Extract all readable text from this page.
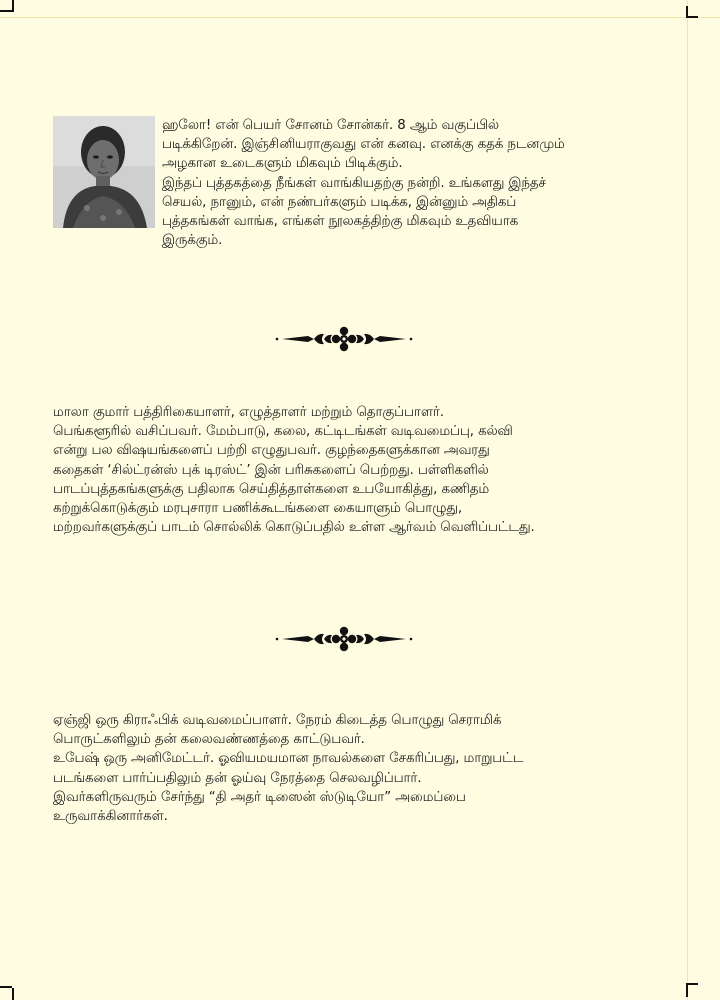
ஹலோ! என் பெயர் சோனம் சோன்கர். 8 ஆம் வகுப்பில்
படிக்கிறேன். இஞ்சினியராகுவது என் கனவு. எனக்கு கதக் நடனமும்
அழகான உடைகளும் மிகவும் பிடிக்கும்.
இந்தப் புத்தகத்தை நீங்கள் வாங்கியதற்கு நன்றி. உங்களது இந்தச்
செயல், நானும், என் நண்பர்களும் படிக்க, இன்னும் அதிகப்
புத்தகங்கள் வாங்க, எங்கள் நூலகத்திற்கு மிகவும் உதவியாக
இருக்கும்.
மாலா குமார் பத்திரிகையாளர், எழுத்தாளர் மற்றும் தொகுப்பாளர்.
பெங்களூரில் வசிப்பவர். மேம்பாடு, கலை, கட்டிடங்கள் வடிவமைப்பு, கல்வி
என்று பல விஷயங்களைப் பற்றி எழுதுபவர். குழந்தைகளுக்கான அவரது
கதைகள் ‘சில்ட்ரன்ஸ் புக் டிரஸ்ட்’ இன் பரிசுகளைப் பெற்றது. பள்ளிகளில்
பாடப்புத்தகங்களுக்கு பதிலாக செய்தித்தாள்களை உபயோகித்து, கணிதம்
கற்றுக்கொடுக்கும் மரபுசாரா பணிக்கூடங்களை கையாளும் பொழுது,
மற்றவர்களுக்குப் பாடம் சொல்லிக் கொடுப்பதில் உள்ள ஆர்வம் வெளிப்பட்டது.
ஏஞ்ஜி ஒரு கிராஃபிக் வடிவமைப்பாளர். நேரம் கிடைத்த பொழுது செராமிக்
பொருட்களிலும் தன் கலைவண்ணத்தை காட்டுபவர்.
உபேஷ் ஒரு அனிமேட்டர். ஓவியமயமான நாவல்களை சேகரிப்பது, மாறுபட்ட
படங்களை பார்ப்பதிலும் தன் ஓய்வு நேரத்தை செலவழிப்பார்.
இவர்களிருவரும் சேர்ந்து “தி அதர் டிஸைன் ஸ்டுடியோ” அமைப்பை
உருவாக்கினார்கள்.
